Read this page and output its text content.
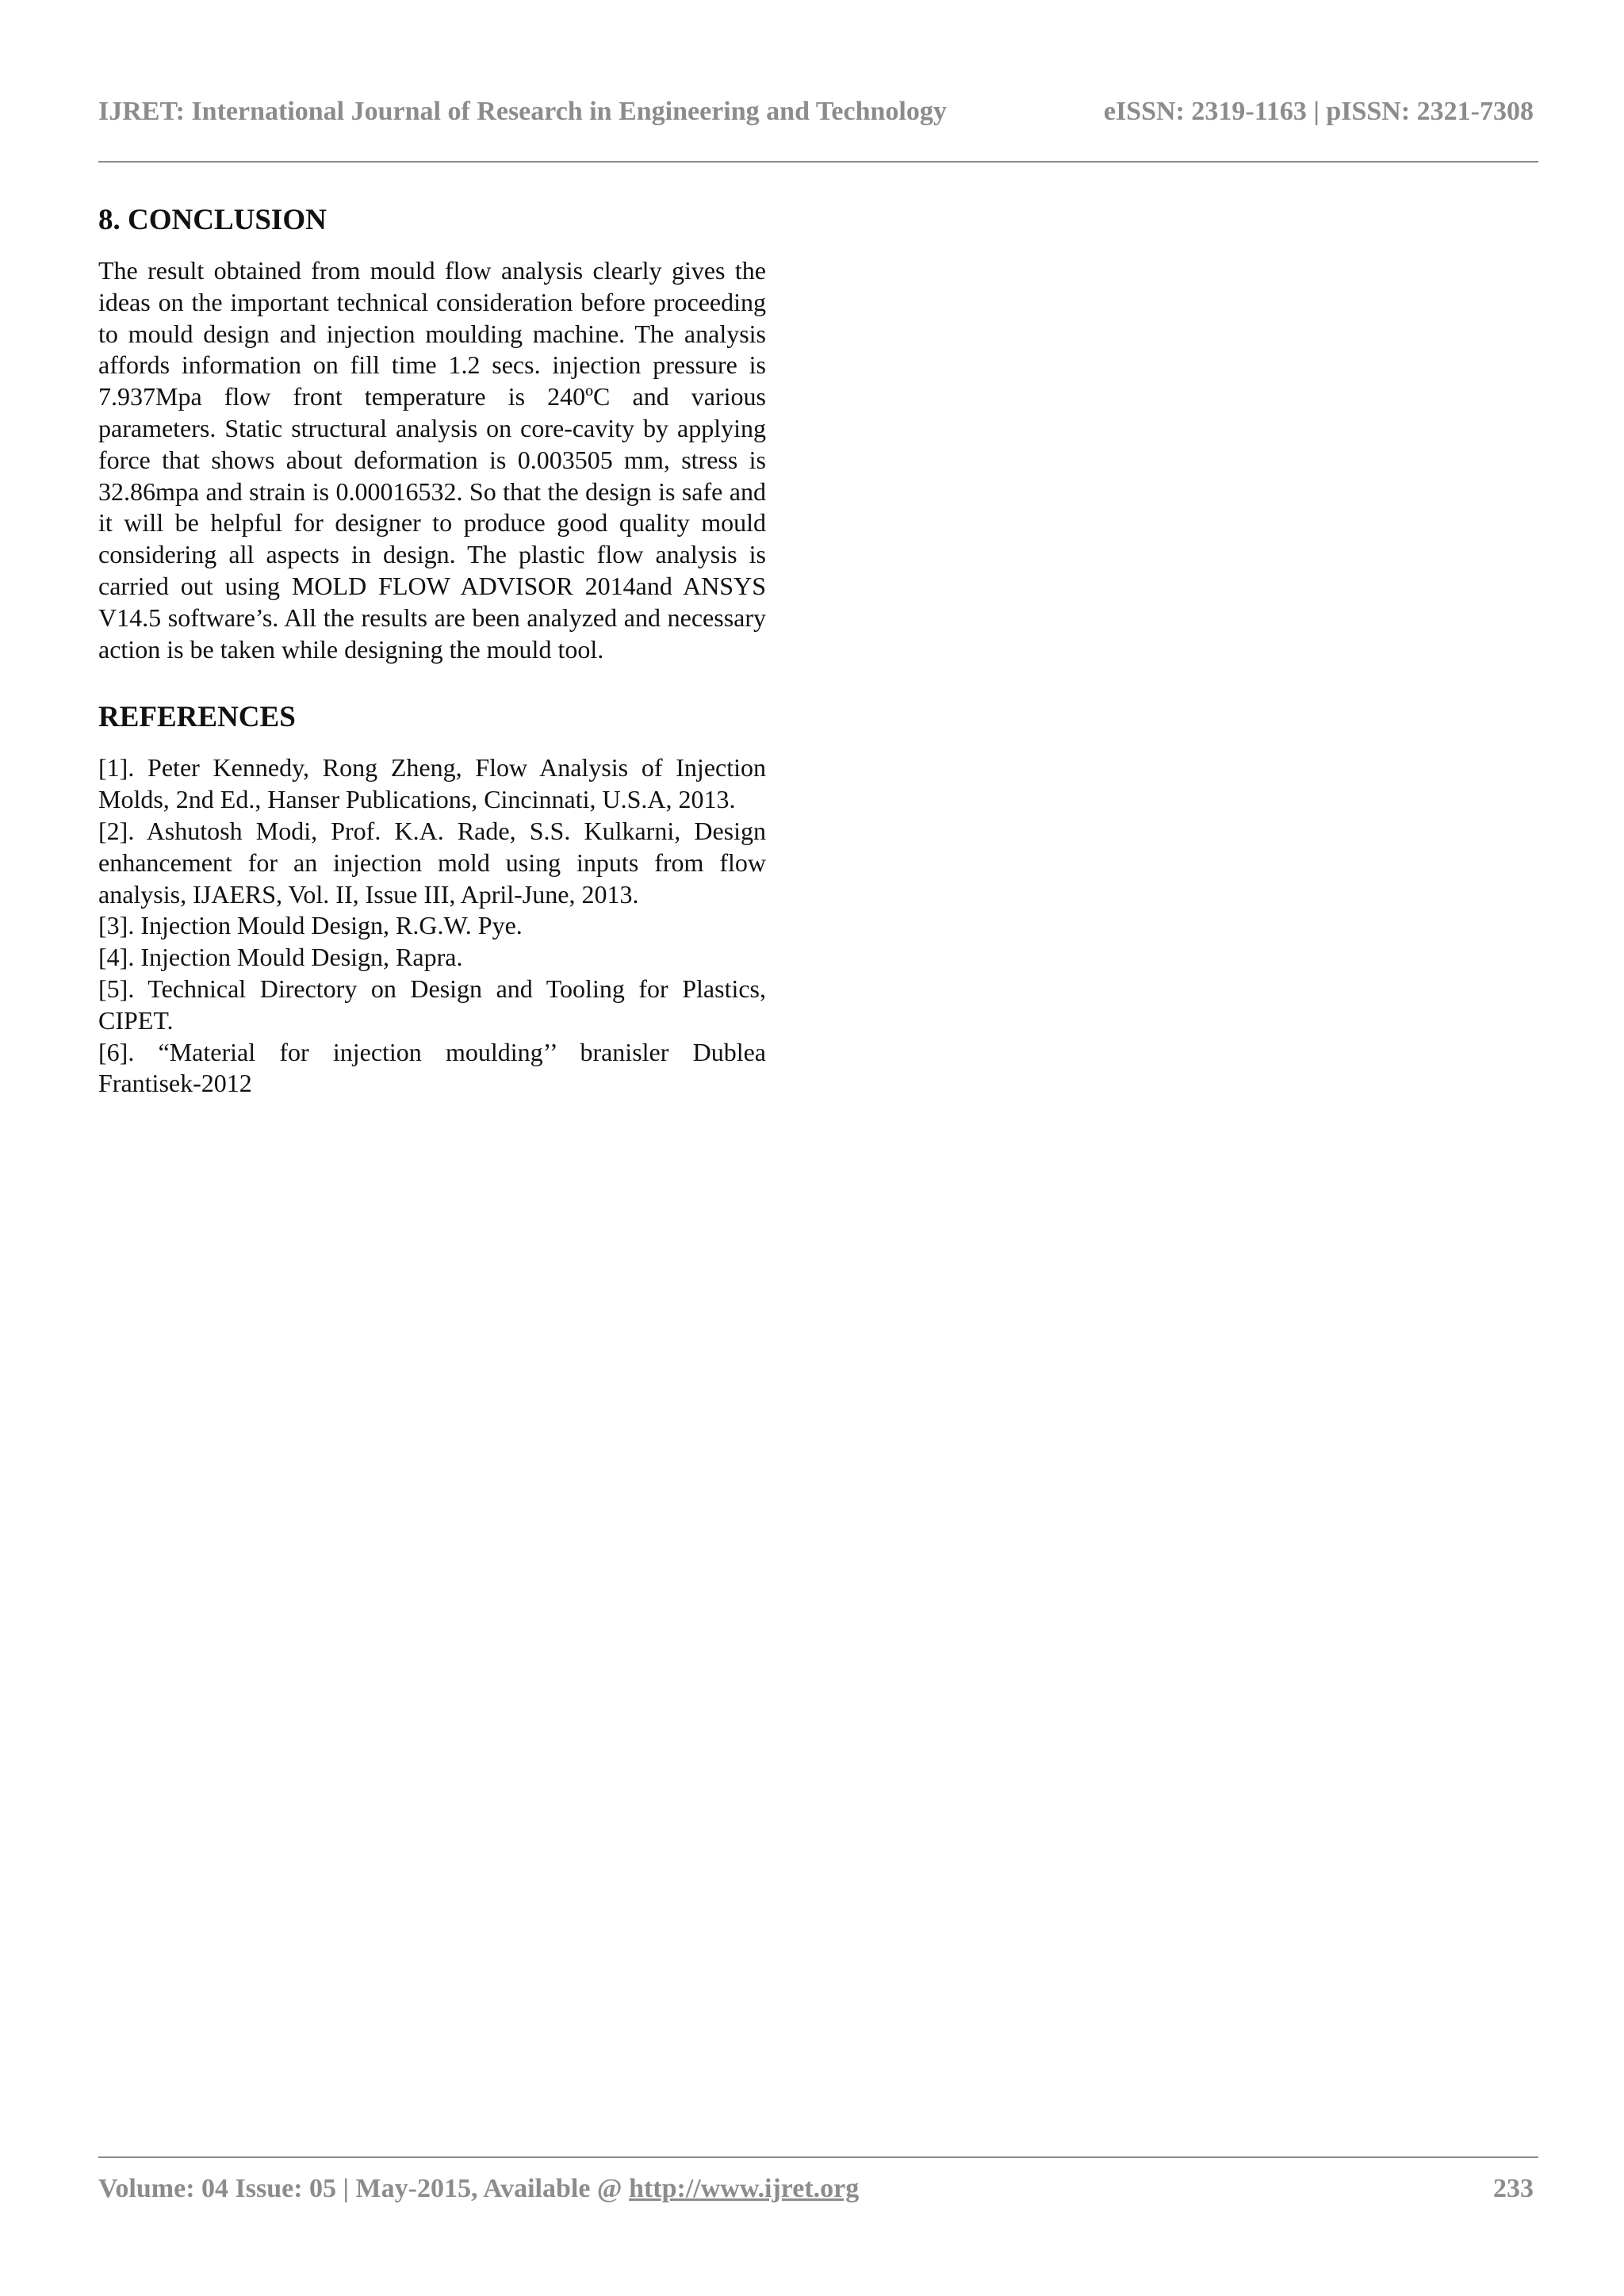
IJRET: International Journal of Research in Engineering and Technology	eISSN: 2319-1163 | pISSN: 2321-7308
8. CONCLUSION

The result obtained from mould flow analysis clearly gives the ideas on the important technical consideration before proceeding to mould design and injection moulding machine. The analysis affords information on fill time 1.2 secs. injection pressure is 7.937Mpa flow front temperature is 240ºC and various parameters. Static structural analysis on core-cavity by applying force that shows about deformation is 0.003505 mm, stress is 32.86mpa and strain is 0.00016532. So that the design is safe and it will be helpful for designer to produce good quality mould considering all aspects in design. The plastic flow analysis is carried out using MOLD FLOW ADVISOR 2014and ANSYS V14.5 software’s. All the results are been analyzed and necessary action is be taken while designing the mould tool.

REFERENCES

[1]. Peter Kennedy, Rong Zheng, Flow Analysis of Injection Molds, 2nd Ed., Hanser Publications, Cincinnati, U.S.A, 2013.

[2]. Ashutosh Modi, Prof. K.A. Rade, S.S. Kulkarni, Design enhancement for an injection mold using inputs from flow analysis, IJAERS, Vol. II, Issue III, April-June, 2013.

[3]. Injection Mould Design, R.G.W. Pye.

[4]. Injection Mould Design, Rapra.

[5]. Technical Directory on Design and Tooling for Plastics, CIPET.

[6]. “Material for injection moulding’’ branisler Dublea Frantisek-2012

Volume: 04 Issue: 05 | May-2015, Available @ http://www.ijret.org	233
